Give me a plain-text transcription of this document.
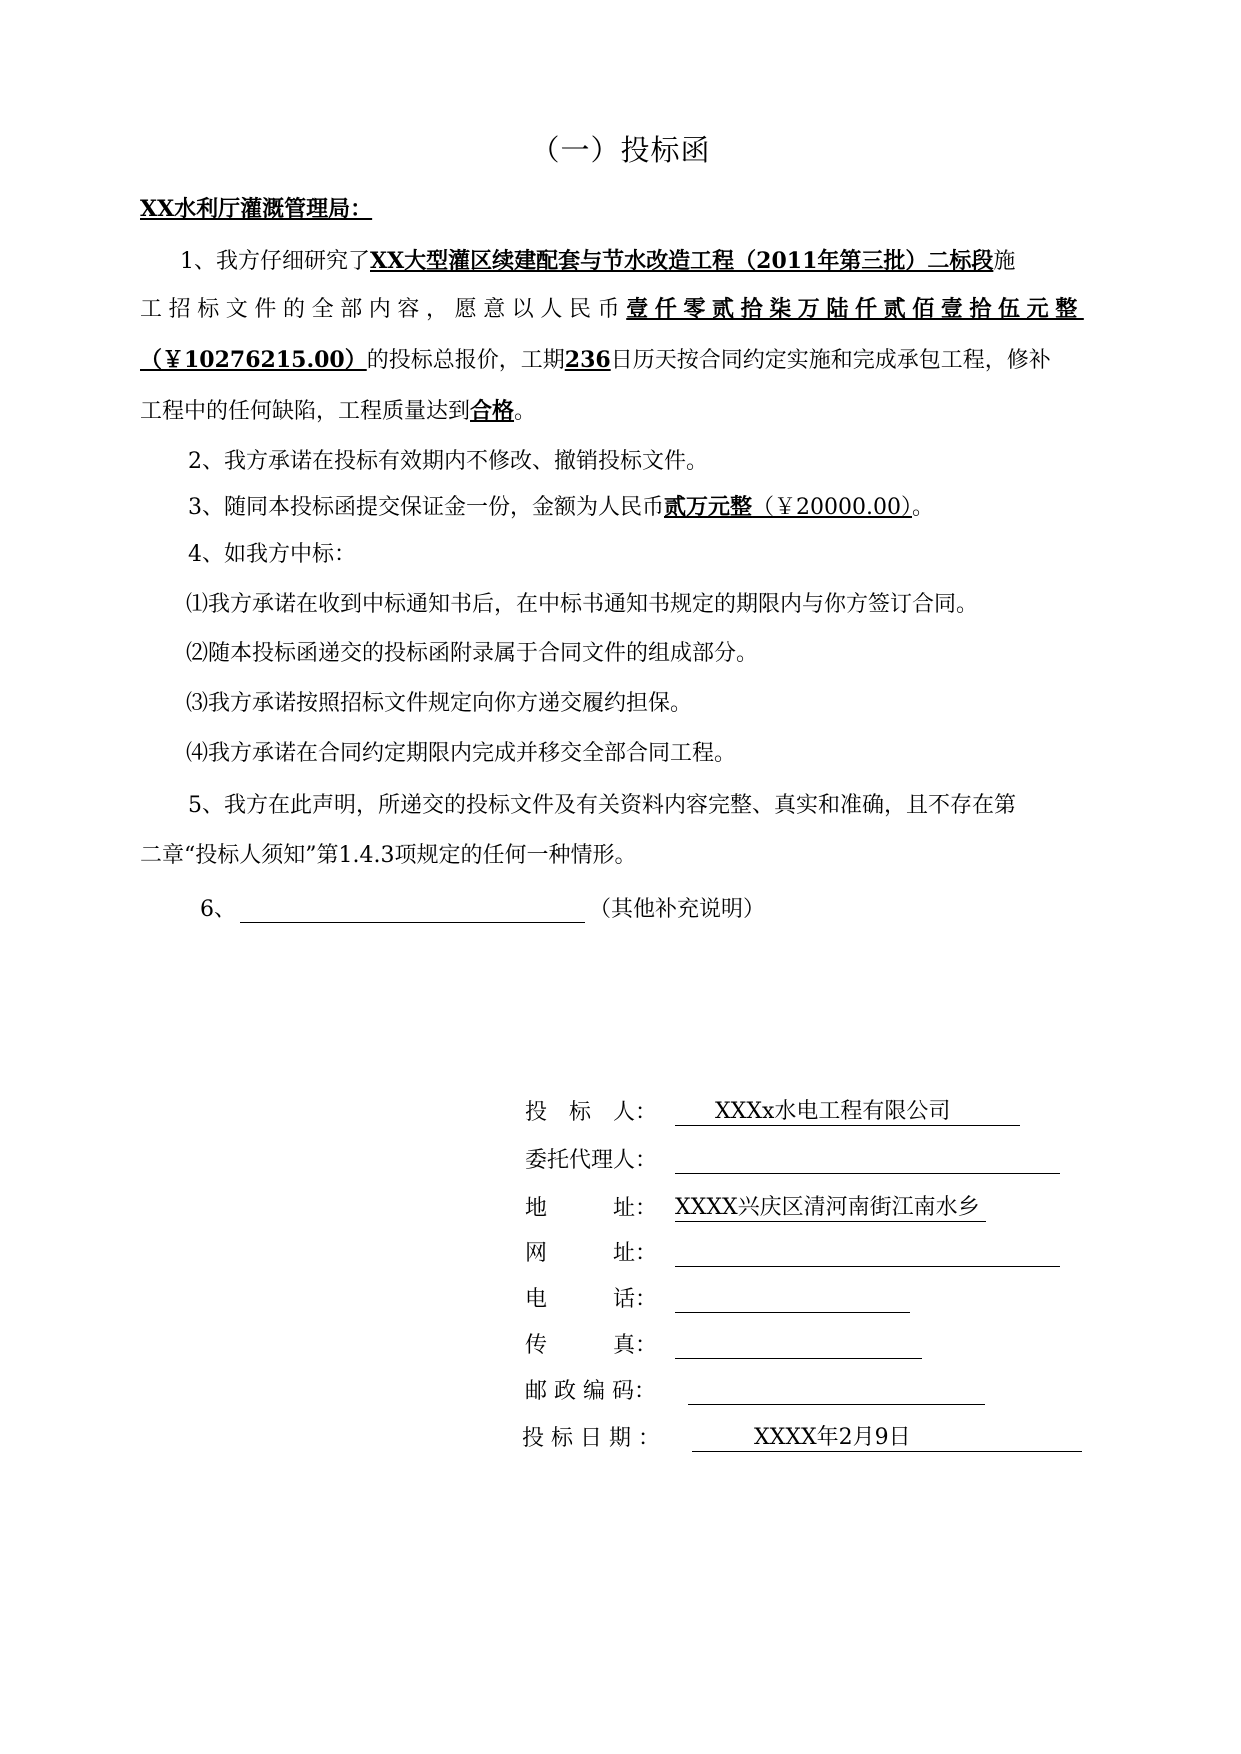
（一）投标函
XX水利厅灌溉管理局：
1、我方仔细研究了XX大型灌区续建配套与节水改造工程（2011年第三批）二标段施
工招标文件的全部内容，愿意以人民币壹仟零贰拾柒万陆仟贰佰壹拾伍元整
（￥10276215.00）的投标总报价，工期236日历天按合同约定实施和完成承包工程，修补
工程中的任何缺陷，工程质量达到合格。
2、我方承诺在投标有效期内不修改、撤销投标文件。
3、随同本投标函提交保证金一份，金额为人民币贰万元整（￥20000.00）。
4、如我方中标：
⑴我方承诺在收到中标通知书后，在中标书通知书规定的期限内与你方签订合同。
⑵随本投标函递交的投标函附录属于合同文件的组成部分。
⑶我方承诺按照招标文件规定向你方递交履约担保。
⑷我方承诺在合同约定期限内完成并移交全部合同工程。
5、我方在此声明，所递交的投标文件及有关资料内容完整、真实和准确，且不存在第
二章“投标人须知”第1.4.3项规定的任何一种情形。
6、	（其他补充说明）
投　标　人：	XXXx水电工程有限公司
委托代理人：
地　　　址： XXXX兴庆区清河南街江南水乡
网　　　址：
电　　　话：
传　　　真：
邮 政 编 码：
投 标 日 期 ：	XXXX年2月9日
